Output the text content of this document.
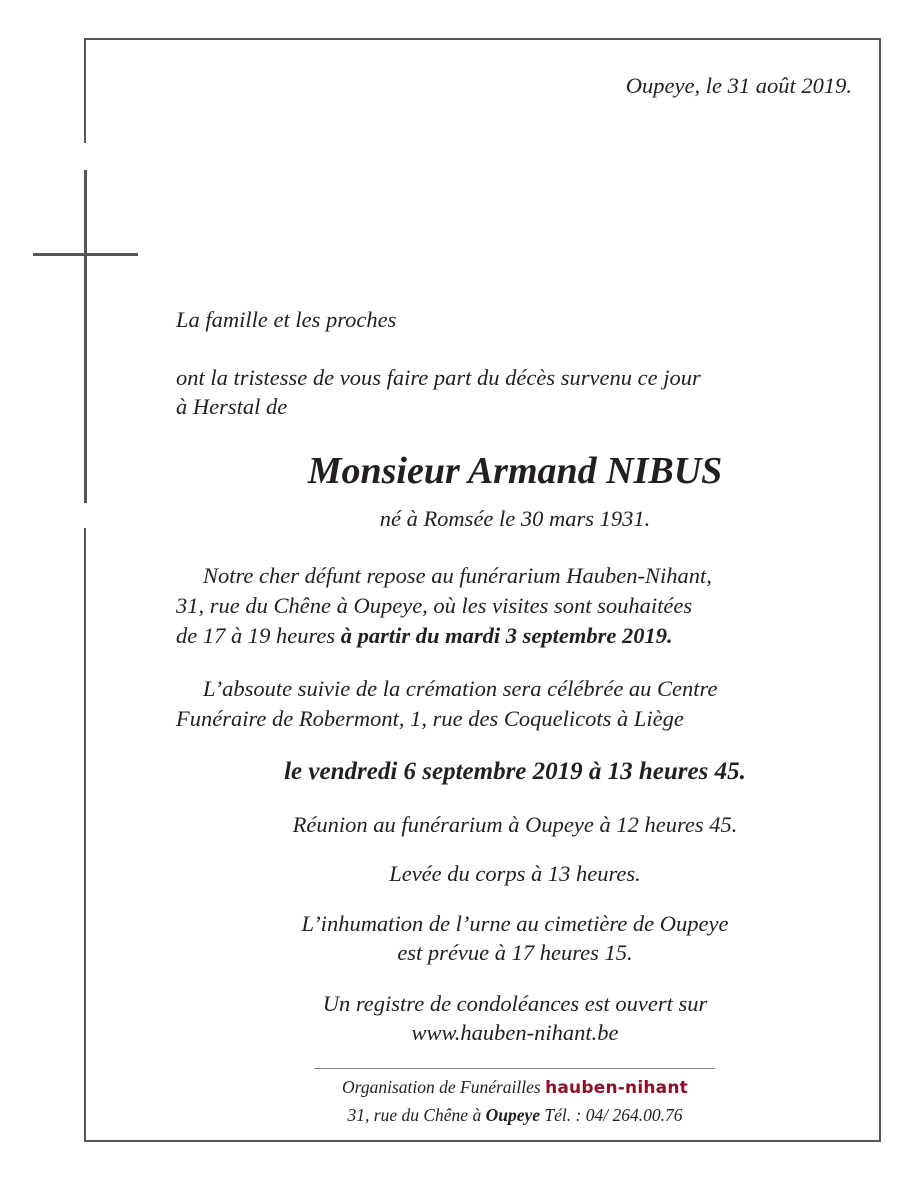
Oupeye, le 31 août 2019.
La famille et les proches
ont la tristesse de vous faire part du décès survenu ce jour
à Herstal de
Monsieur Armand NIBUS
né à Romsée le 30 mars 1931.
Notre cher défunt repose au funérarium Hauben-Nihant,
31, rue du Chêne à Oupeye, où les visites sont souhaitées
de 17 à 19 heures à partir du mardi 3 septembre 2019.
L’absoute suivie de la crémation sera célébrée au Centre
Funéraire de Robermont, 1, rue des Coquelicots à Liège
le vendredi 6 septembre 2019 à 13 heures 45.
Réunion au funérarium à Oupeye à 12 heures 45.
Levée du corps à 13 heures.
L’inhumation de l’urne au cimetière de Oupeye
est prévue à 17 heures 15.
Un registre de condoléances est ouvert sur
www.hauben-nihant.be
Organisation de Funérailles hauben-nihant
31, rue du Chêne à Oupeye Tél. : 04/ 264.00.76
